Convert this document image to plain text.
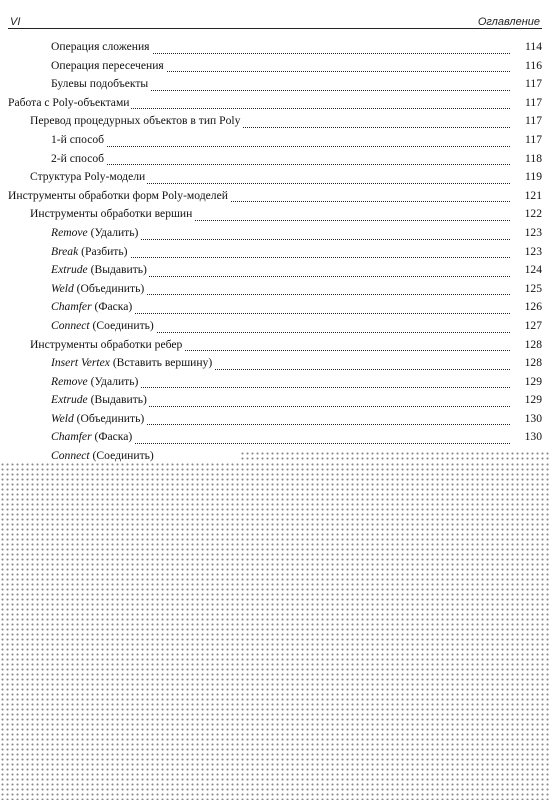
VI	Оглавление
Операция сложения	114
Операция пересечения	116
Булевы подобъекты	117
Работа с Poly-объектами	117
Перевод процедурных объектов в тип Poly	117
1-й способ	117
2-й способ	118
Структура Poly-модели	119
Инструменты обработки форм Poly-моделей	121
Инструменты обработки вершин	122
Remove (Удалить)	123
Break (Разбить)	123
Extrude (Выдавить)	124
Weld (Объединить)	125
Chamfer (Фаска)	126
Connect (Соединить)	127
Инструменты обработки ребер	128
Insert Vertex (Вставить вершину)	128
Remove (Удалить)	129
Extrude (Выдавить)	129
Weld (Объединить)	130
Chamfer (Фаска)	130
Connect (Соединить)
